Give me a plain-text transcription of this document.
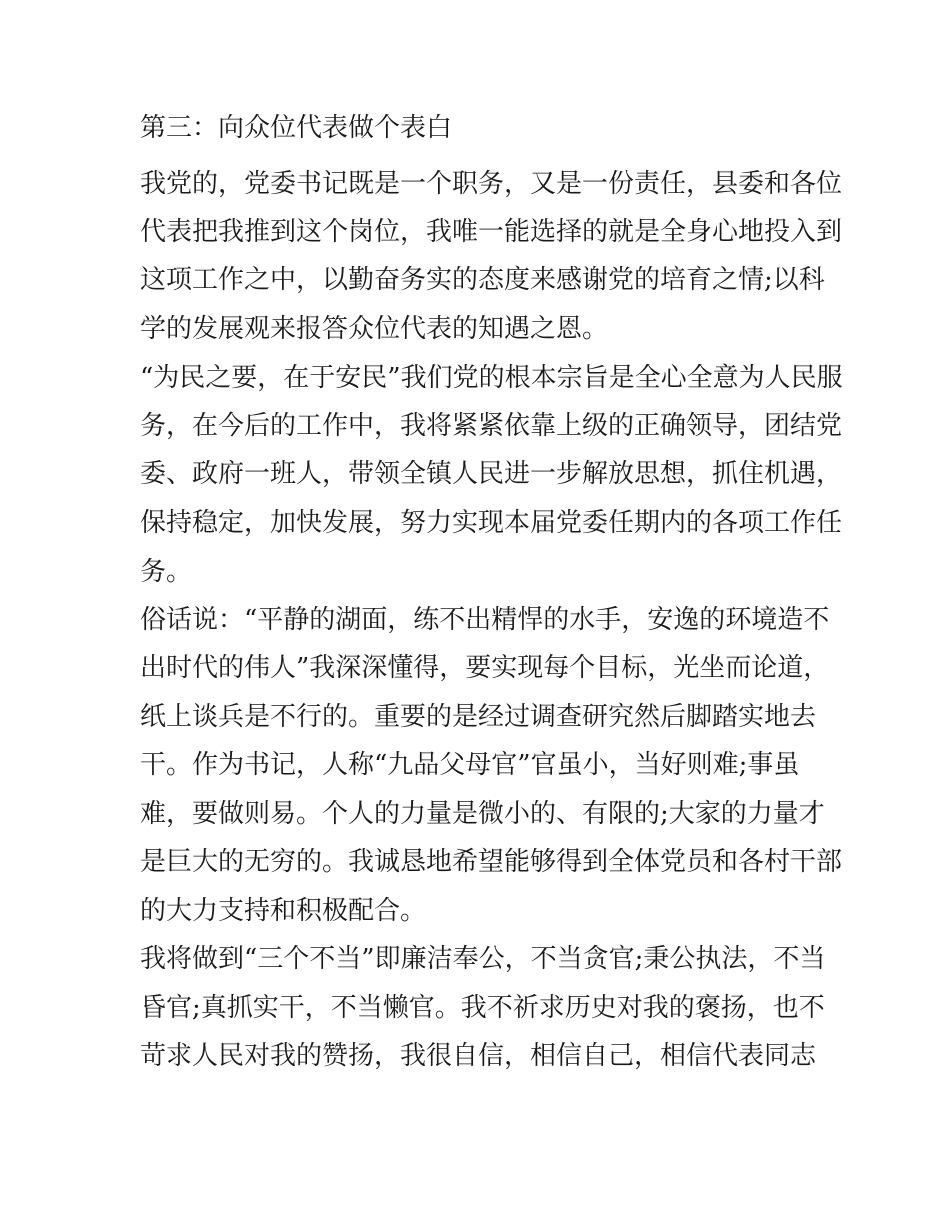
第三：向众位代表做个表白
我党的，党委书记既是一个职务，又是一份责任，县委和各位
代表把我推到这个岗位，我唯一能选择的就是全身心地投入到
这项工作之中，以勤奋务实的态度来感谢党的培育之情;以科
学的发展观来报答众位代表的知遇之恩。
“为民之要，在于安民”我们党的根本宗旨是全心全意为人民服
务，在今后的工作中，我将紧紧依靠上级的正确领导，团结党
委、政府一班人，带领全镇人民进一步解放思想，抓住机遇，
保持稳定，加快发展，努力实现本届党委任期内的各项工作任
务。
俗话说：“平静的湖面，练不出精悍的水手，安逸的环境造不
出时代的伟人”我深深懂得，要实现每个目标，光坐而论道，
纸上谈兵是不行的。重要的是经过调查研究然后脚踏实地去
干。作为书记，人称“九品父母官”官虽小，当好则难;事虽
难，要做则易。个人的力量是微小的、有限的;大家的力量才
是巨大的无穷的。我诚恳地希望能够得到全体党员和各村干部
的大力支持和积极配合。
我将做到“三个不当”即廉洁奉公，不当贪官;秉公执法，不当
昏官;真抓实干，不当懒官。我不祈求历史对我的褒扬，也不
苛求人民对我的赞扬，我很自信，相信自己，相信代表同志
